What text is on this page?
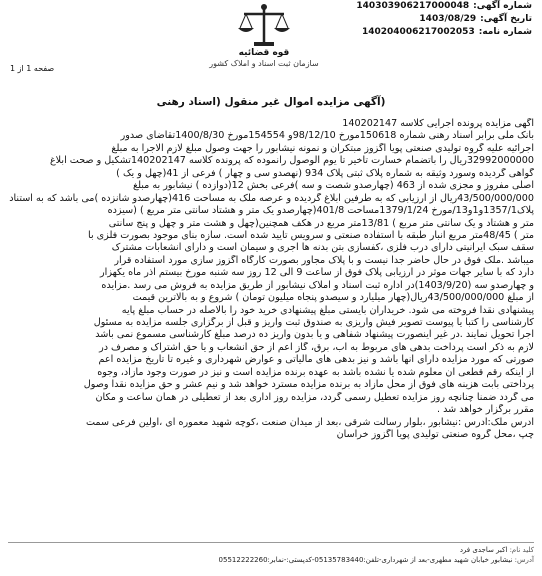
شماره آگهی:
140303906217000048
تاریخ آگهی:
1403/08/29
شماره نامه:
140204006217002053
قوه قضائيه
سازمان ثبت اسناد و املاک کشور
صفحه 1 از 1
(آگهی مزایده اموال غیر منقول (اسناد رهنی
آگهی مزایده پرونده اجرایی کلاسه 140202147
بانک ملی برابر اسناد رهنی شماره 150618مورخ 98/12/10و 154554مورخ 1400/8/30تقاضای صدور
اجرائیه علیه گروه تولیدی صنعتی پویا اگزوز مبتکران و نمونه نیشابور را جهت وصول مبلغ لازم الاجرا به مبلغ
32992000000ریال را باتضمام خسارت تاخیر تا یوم الوصول رانموده که پرونده کلاسه 140202147تشکیل و صحت ابلاغ
گواهی گردیده وسورد وثیقه به شماره پلاک ثبتی پلاک 934 (نهصدو سی و چهار ) فرعی از 41(چهل و یک )
اصلی مفروز و مجزی شده از 463 (چهارصدو شصت و سه )فرعی بخش 12(دوازده ) نیشابور به مبلغ
43/500/000/000ریال از ارزیابی که به طرفین ابلاغ گردیده و عرصه ملک به مساحت 416(چهارصدو شانزده )می باشد که به استناد
پلاک1357/1و1و13/مورخ 1379/1/24مساحت 401/8(چهارصدو یک متر و هشتاد سانتی متر مربع ) (سیزده
متر و هشتاد و یک سانتی متر مربع ) 13/81متر مربع در هکف همچنین(چهل و هشت متر و چهل و پنج سانتی
متر ) 48/45متر مربع انبار طبقه با استفاده صنعتی و سرویس تایید شده است. سازه بنای موجود بصورت فلزی با
سقف سبک ایرانیتی دارای درب فلزی ،کفسازی بتن بدنه ها آجری و سیمان است و دارای انشعابات مشترک
میباشد .ملک فوق در حال حاضر جدا نیست و با پلاک مجاور بصورت کارگاه اگزوز سازی مورد استفاده قرار
دارد که با سایر جهات موثر در ارزیابی پلاک فوق از ساعت 9 الی 12 روز سه شنبه مورخ بیستم آذر ماه یکهزار
و چهارصدو سه (1403/9/20)در اداره ثبت اسناد و املاک نیشابور از طریق مزایده به فروش می رسد .مزایده
از مبلغ 43/500/000/000ریال(چهار میلیارد و سیصدو پنجاه میلیون تومان ) شروع و به بالاترین قیمت
پیشنهادی نقدا فروخته می شود. خریداران بایستی مبلغ پیشنهادی خرید خود را بالاصله در حساب مبلغ پایه
کارشناسی را کتبا یا پیوست تصویر فیش واریزی به صندوق ثبت واریز و قبل از برگزاری جلسه مزایده به مسئول
اجرا تحویل نمایند .در غیر اینصورت پیشنهاد شفاهی و یا بدون واریز ده درصد مبلغ کارشناسی مسموع نمی باشد
لازم به ذکر است پرداخت بدهی های مربوط به آب، برق، گاز اعم از حق انشعاب و یا حق اشتراک و مصرف در
صورتی که مورد مزایده دارای آنها باشد و نیز بدهی های مالیاتی و عوارض شهرداری و غیره تا تاریخ مزایده اعم
از اینکه رقم قطعی آن معلوم شده یا نشده باشد به عهده برنده مزایده است و نیز در صورت وجود مازاد، وجوه
پرداختی بابت هزینه های فوق از محل مازاد به برنده مزایده مسترد خواهد شد و نیم عشر و حق مزایده نقدا وصول
می گردد ضمنا چنانچه روز مزایده تعطیل رسمی گردد، مزایده روز اداری بعد از تعطیلی در همان ساعت و مکان
مقرر برگزار خواهد شد .
آدرس ملک:آدرس :نیشابور ،بلوار رسالت شرقی ،بعد از میدان صنعت ،کوچه شهید معموره ای ،اولین فرعی سمت
چپ ،محل گروه صنعتی تولیدی پویا اگزوز خراسان
کلید نام: اکبر ساجدی فرد
آدرس: نیشابور خیابان شهید مطهری-بعد از شهرداری-تلفن:05135783440-کدپستی:-نمابر:05512222260
